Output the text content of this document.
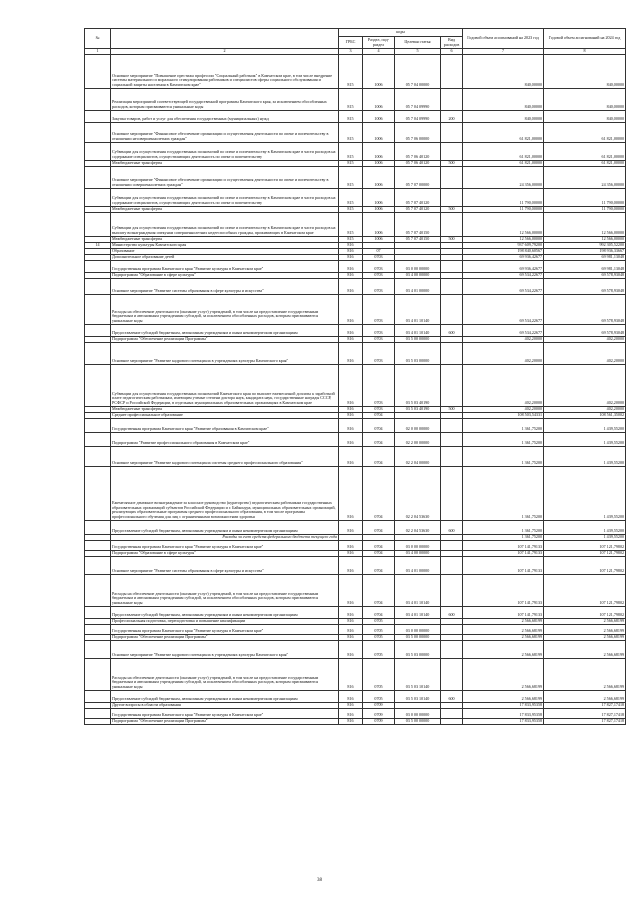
№		коды				Годовой объем ассигнований на 2023 год	Годовой объем ассигнований на 2024 год
		ГРБС	Раздел, под-раздел	Целевая статья	Вид расходов		
1	2	3	4	5	6	7	8
	Основное мероприятие "Повышение престижа профессии "Социальный работник" в Камчатском крае, в том числе внедрение системы материального и морального стимулирования работников и специалистов сферы социального обслуживания и социальной защиты населения в Камчатском крае"	815	1006	05 7 04 00000		840,00000	840,00000
	Реализация мероприятий соответствующей государственной программы Камчатского края, за исключением обособленных расходов, которым присваиваются уникальные коды	815	1006	05 7 04 09990		840,00000	840,00000
	Закупка товаров, работ и услуг для обеспечения государственных (муниципальных) нужд	815	1006	05 7 04 09990	200	840,00000	840,00000
	Основное мероприятие "Финансовое обеспечение организации и осуществления деятельности по опеке и попечительству в отношении несовершеннолетних граждан"	815	1006	05 7 06 00000		61 821,00000	61 821,00000
	Субвенции для осуществления государственных полномочий по опеке и попечительству в Камчатском крае в части расходов на содержание специалистов, осуществляющих деятельность по опеке и попечительству	815	1006	05 7 06 40120		61 821,00000	61 821,00000
	Межбюджетные трансферты	815	1006	05 7 06 40120	500	61 821,00000	61 821,00000
	Основное мероприятие "Финансовое обеспечение организации и осуществления деятельности по опеке и попечительству в отношении совершеннолетних граждан"	815	1006	05 7 07 00000		24 356,00000	24 356,00000
	Субвенции для осуществления государственных полномочий по опеке и попечительству в Камчатском крае в части расходов на содержание специалистов, осуществляющих деятельность по опеке и попечительству	815	1006	05 7 07 40120		11 790,00000	11 790,00000
	Межбюджетные трансферты	815	1006	05 7 07 40120	500	11 790,00000	11 790,00000
	Субвенции для осуществления государственных полномочий по опеке и попечительству в Камчатском крае в части расходов на выплату вознаграждения опекунам совершеннолетних недееспособных граждан, проживающих в Камчатском крае	815	1006	05 7 07 40150		12 566,00000	12 566,00000
	Межбюджетные трансферты	815	1006	05 7 07 40150	500	12 566,00000	12 566,00000
14	Министерство культуры Камчатского края	816				937 609,79200	992 305,52200
	Образование	816	07			198 840,60567	198 936,33667
	Дополнительное образование детей	816	0703			69 936,42677	69 981,13048
	Государственная программа Камчатского края "Развитие культуры в Камчатском крае"	816	0703	03 0 00 00000		69 936,42677	69 981,13048
	Подпрограмма "Образование в сфере культуры"	816	0703	03 4 00 00000		69 534,22677	69 578,93048
	Основное мероприятие "Развитие системы образования в сфере культуры и искусства"	816	0703	03 4 01 00000		69 534,22677	69 578,93048
	Расходы на обеспечение деятельности (оказание услуг) учреждений, в том числе на предоставление государственным бюджетным и автономным учреждениям субсидий, за исключением обособленных расходов, которым присваиваются уникальные коды	816	0703	03 4 01 10140		69 534,22677	69 578,93048
	Предоставление субсидий бюджетным, автономным учреждениям и иным некоммерческим организациям	816	0703	03 4 01 10140	600	69 534,22677	69 578,93048
	Подпрограмма "Обеспечение реализации Программы"	816	0703	03 5 00 00000		402,20000	402,20000
	Основное мероприятие "Развитие кадрового потенциала в учреждениях культуры Камчатского края"	816	0703	03 5 03 00000		402,20000	402,20000
	Субвенции для осуществления государственных полномочий Камчатского края по выплате ежемесячной доплаты к заработной плате педагогическим работникам, имеющим ученые степени доктора наук, кандидата наук, государственные награды СССР, РСФСР и Российской Федерации, в отдельных муниципальных образовательных организациях в Камчатском крае	816	0703	03 5 03 40190		402,20000	402,20000
	Межбюджетные трансферты	816	0703	03 5 03 40190	500	402,20000	402,20000
	Среднее профессиональное образование	816	0704			108 503,54331	108 561,35002
	Государственная программа Камчатского края "Развитие образования в Камчатском крае"	816	0704	02 0 00 00000		1 361,75200	1 439,55200
	Подпрограмма "Развитие профессионального образования в Камчатском крае"	816	0704	02 2 00 00000		1 361,75200	1 439,55200
	Основное мероприятие "Развитие кадрового потенциала системы среднего профессионального образования"	816	0704	02 2 04 00000		1 361,75200	1 439,55200
	Ежемесячное денежное вознаграждение за классное руководство (кураторство) педагогическим работникам государственных образовательных организаций субъектов Российской Федерации и г. Байконура, муниципальных образовательных организаций, реализующих образовательные программы среднего профессионального образования, в том числе программы профессионального обучения для лиц с ограниченными возможностями здоровья	816	0704	02 2 04 53630		1 361,75200	1 439,55200
	Предоставление субсидий бюджетным, автономным учреждениям и иным некоммерческим организациям	816	0704	02 2 04 53630	600	1 361,75200	1 439,55200
	Расходы за счет средств федерального бюджета текущего года					1 361,75200	1 439,55200
	Государственная программа Камчатского края "Развитие культуры в Камчатском крае"	816	0704	03 0 00 00000		107 141,79133	107 121,79802
	Подпрограмма "Образование в сфере культуры"	816	0704	03 4 00 00000		107 141,79133	107 121,79802
	Основное мероприятие "Развитие системы образования в сфере культуры и искусства"	816	0704	03 4 01 00000		107 141,79133	107 121,79802
	Расходы на обеспечение деятельности (оказание услуг) учреждений, в том числе на предоставление государственным бюджетным и автономным учреждениям субсидий, за исключением обособленных расходов, которым присваиваются уникальные коды	816	0704	03 4 01 10140		107 141,79133	107 121,79802
	Предоставление субсидий бюджетным, автономным учреждениям и иным некоммерческим организациям	816	0704	03 4 01 10140	600	107 141,79133	107 121,79802
	Профессиональная подготовка, переподготовка и повышение квалификации	816	0705			2 566,68199	2 566,68199
	Государственная программа Камчатского края "Развитие культуры в Камчатском крае"	816	0705	03 0 00 00000		2 566,68199	2 566,68199
	Подпрограмма "Обеспечение реализации Программы"	816	0705	03 5 00 00000		2 566,68199	2 566,68199
	Основное мероприятие "Развитие кадрового потенциала в учреждениях культуры Камчатского края"	816	0705	03 5 03 00000		2 566,68199	2 566,68199
	Расходы на обеспечение деятельности (оказание услуг) учреждений, в том числе на предоставление государственным бюджетным и автономным учреждениям субсидий, за исключением обособленных расходов, которым присваиваются уникальные коды	816	0705	03 5 03 10140		2 566,68199	2 566,68199
	Предоставление субсидий бюджетным, автономным учреждениям и иным некоммерческим организациям	816	0705	03 5 03 10140	600	2 566,68199	2 566,68199
	Другие вопросы в области образования	816	0709			17 833,95358	17 827,17418
	Государственная программа Камчатского края "Развитие культуры в Камчатском крае"	816	0709	03 0 00 00000		17 833,95358	17 827,17418
	Подпрограмма "Обеспечение реализации Программы"	816	0709	03 5 00 00000		17 833,95358	17 827,17418
38
